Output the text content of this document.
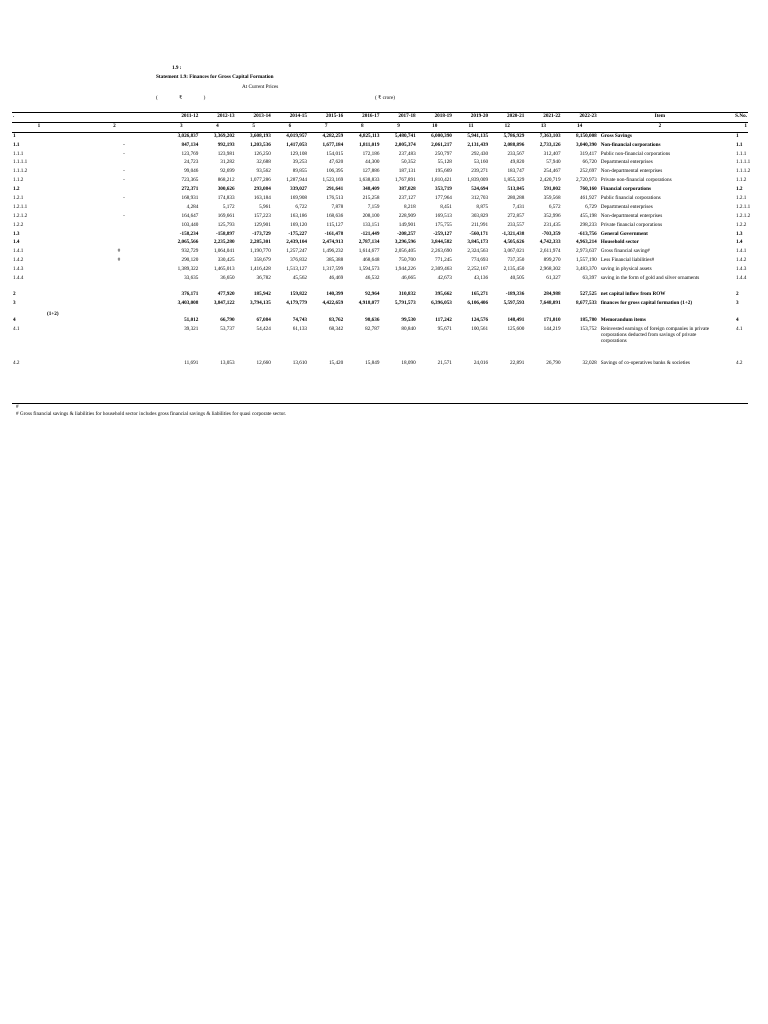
1.9 :
Statement 1.9: Finances for Gross Capital Formation
At Current Prices
( ₹ )	( ₹ crore)
.		2011-12	2012-13	2013-14	2014-15	2015-16	2016-17	2017-18	2018-19	2019-20	2020-21	2021-22	2022-23	Item	S.No.
1	2	3	4	5	6	7	8	9	10	11	12	13	14	2	1
1		3,026,837	3,369,202	3,608,193	4,019,957	4,282,259	4,825,113	5,480,741	6,000,390	5,941,135	5,786,929	7,363,103	8,150,008	Gross Savings	1
1.1	-	847,134	992,193	1,203,536	1,417,053	1,677,184	1,811,019	2,005,374	2,061,217	2,131,439	2,088,896	2,733,126	3,040,390	Non-financial corporations	1.1
1.1.1	-	123,769	123,981	126,250	129,108	154,015	172,186	237,483	250,797	292,430	233,567	312,407	319,417	Public non-financial corporations	1.1.1
1.1.1.1		24,723	31,282	32,688	39,253	47,620	44,300	50,352	55,128	53,160	49,820	57,940	66,720	Departmental enterprises	1.1.1.1
1.1.1.2	-	99,046	92,699	93,562	89,855	106,395	127,886	187,131	195,669	239,271	183,747	254,467	252,697	Non-departmental enterprises	1.1.1.2
1.1.2	-	723,365	868,212	1,077,286	1,287,944	1,523,169	1,638,833	1,767,891	1,810,421	1,839,009	1,855,329	2,420,719	2,720,973	Private non-financial corporations	1.1.2
1.2		272,371	300,626	293,084	339,027	291,641	348,409	387,028	353,719	524,694	513,845	591,002	760,160	Financial corporations	1.2
1.2.1	-	168,931	174,833	163,184	169,908	176,513	215,258	237,127	177,964	312,703	280,288	359,568	461,927	Public financial corporations	1.2.1
1.2.1.1		4,284	5,172	5,961	6,722	7,878	7,159	8,218	8,451	8,875	7,431	6,572	6,729	Departmental enterprises	1.2.1.1
1.2.1.2	-	164,647	169,661	157,223	163,186	168,636	208,100	228,909	169,513	303,829	272,857	352,996	455,198	Non-departmental enterprises	1.2.1.2
1.2.2		103,440	125,793	129,901	169,120	115,127	133,151	149,901	175,755	211,991	233,557	231,435	298,233	Private financial corporations	1.2.2
1.3		-158,234	-158,897	-173,729	-175,227	-161,478	-121,449	-208,257	-259,127	-560,171	-1,321,438	-703,359	-613,756	General Government	1.3
1.4		2,065,566	2,235,280	2,285,301	2,439,104	2,474,913	2,787,134	3,296,596	3,844,582	3,845,173	4,505,626	4,742,333	4,963,214	Household sector	1.4
1.4.1	#	932,729	1,064,041	1,190,770	1,257,247	1,496,232	1,614,677	2,056,405	2,263,690	2,324,563	3,067,021	2,611,974	2,973,637	Gross financial saving#	1.4.1
1.4.2	#	290,120	330,425	358,679	376,832	385,388	468,648	750,700	771,245	774,693	737,350	899,270	1,557,190	Less Financial liabilities#	1.4.2
1.4.3		1,389,322	1,465,013	1,416,428	1,513,127	1,317,599	1,594,573	1,944,226	2,309,463	2,252,167	2,135,450	2,968,302	3,483,370	saving in physical assets	1.4.3
1.4.4		33,635	36,650	36,782	45,562	46,469	46,532	46,665	42,673	43,136	40,505	61,327	63,397	saving in the form of gold and silver ornaments	1.4.4

2		376,171	477,920	185,942	159,822	140,399	92,964	310,832	395,662	165,271	-189,336	284,988	527,525	net capital inflow from ROW	2
3		3,403,008	3,847,122	3,794,135	4,179,779	4,422,659	4,918,077	5,791,573	6,396,053	6,106,406	5,597,593	7,648,091	8,677,533	finances for gross capital formation (1+2)	3

4		51,012	66,790	67,084	74,743	83,762	98,636	99,530	117,242	124,576	148,491	171,010	185,780	Memorandum items	4
4.1		39,321	53,737	54,424	61,133	68,342	82,787	80,840	95,671	100,561	125,600	144,219	153,752	Reinvested earnings of foreign companies in private corporations deducted from savings of private corporations	4.1

4.2		11,691	13,053	12,660	13,610	15,420	15,849	18,090	21,571	24,016	22,891	26,790	32,028	Savings of co-operatives banks & societies	4.2
(1+2)
#
# Gross financial savings & liabilities for household sector includes gross financial savings & liabilities for quasi corporate sector.
